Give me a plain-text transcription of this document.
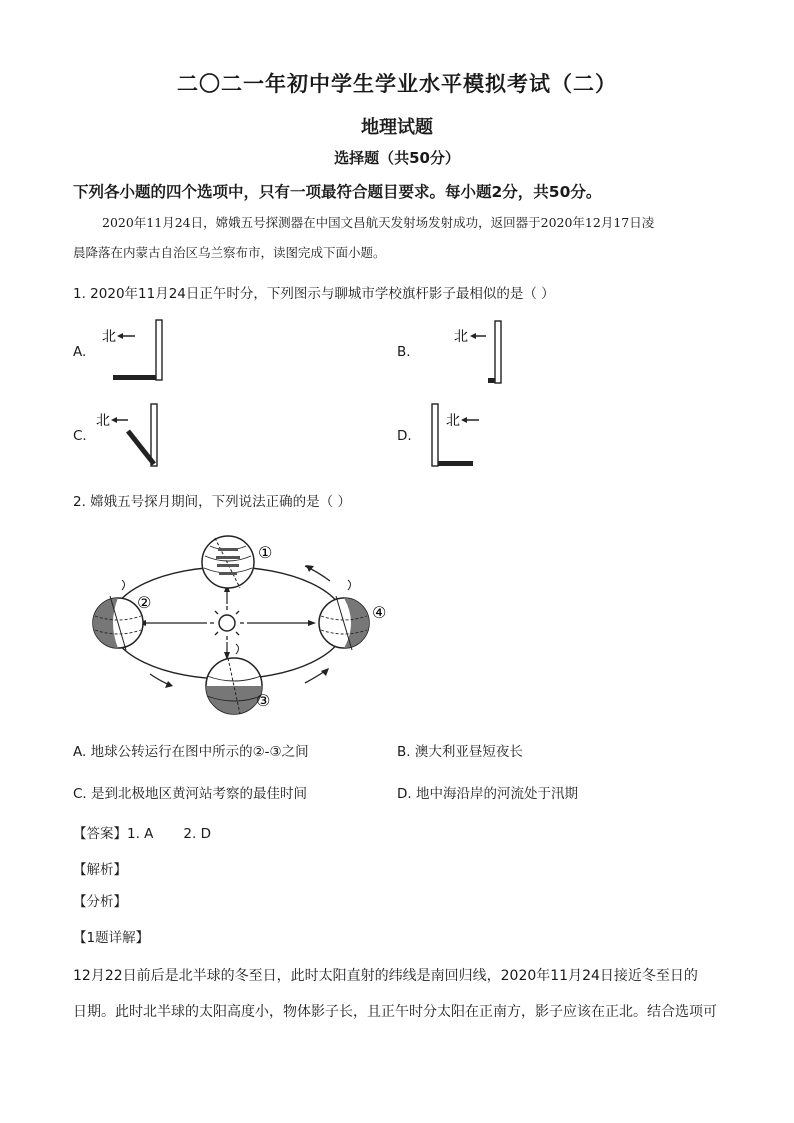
二〇二一年初中学生学业水平模拟考试（二）
地理试题
选择题（共50分）
下列各小题的四个选项中，只有一项最符合题目要求。每小题2分，共50分。
2020年11月24日，嫦娥五号探测器在中国文昌航天发射场发射成功，返回器于2020年12月17日凌
晨降落在内蒙古自治区乌兰察布市，读图完成下面小题。
1. 2020年11月24日正午时分，下列图示与聊城市学校旗杆影子最相似的是（ ）
A.
北
B.
北
C.
北
D.
北
2. 嫦娥五号探月期间，下列说法正确的是（ ）
①
②
③
④
A. 地球公转运行在图中所示的②-③之间	B. 澳大利亚昼短夜长
C. 是到北极地区黄河站考察的最佳时间	D. 地中海沿岸的河流处于汛期
【答案】1. A 2. D
【解析】
【分析】
【1题详解】
12月22日前后是北半球的冬至日，此时太阳直射的纬线是南回归线，2020年11月24日接近冬至日的
日期。此时北半球的太阳高度小，物体影子长，且正午时分太阳在正南方，影子应该在正北。结合选项可
